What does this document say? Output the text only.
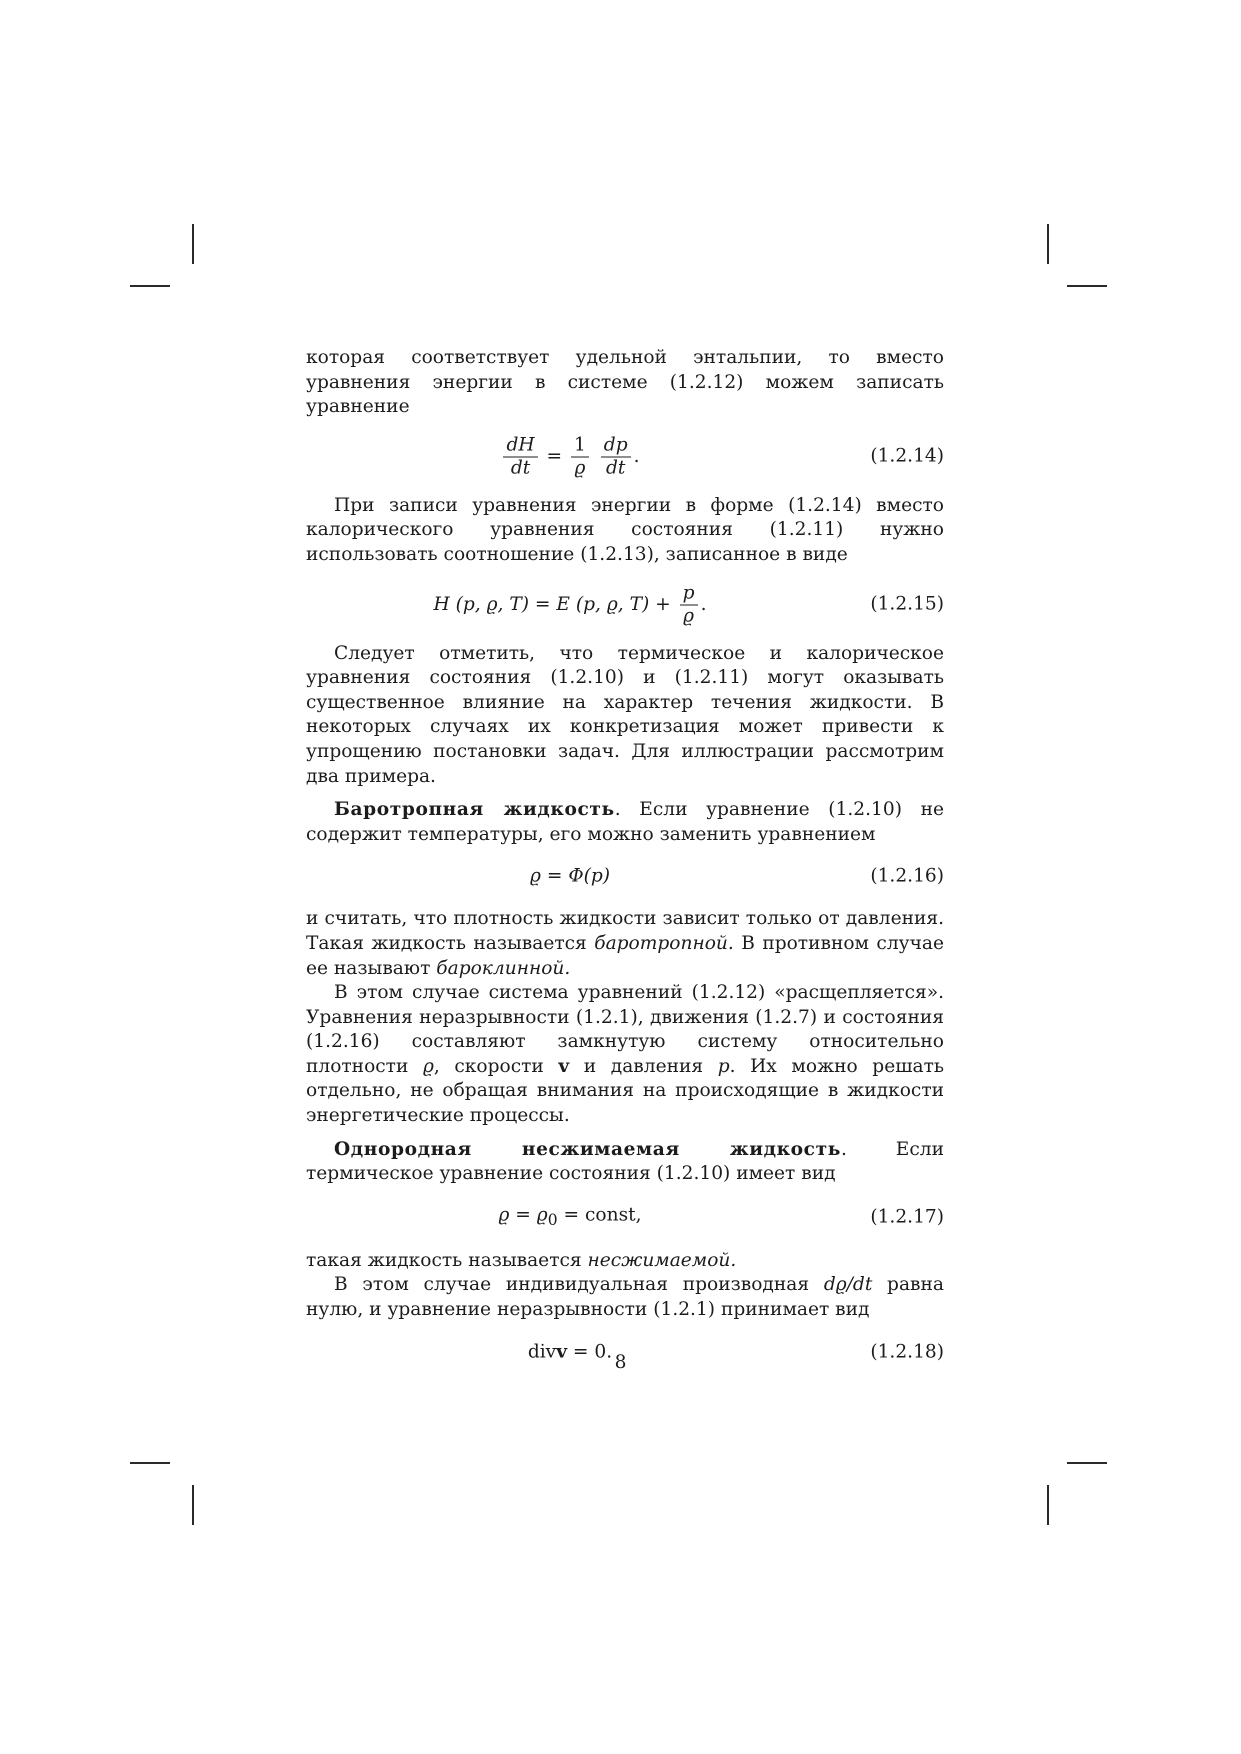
которая соответствует удельной энтальпии, то вместо уравнения энергии в системе (1.2.12) можем записать уравнение

$\frac{dH}{dt} = \frac{1}{ϱ}$
$\frac{dp}{dt}$ .	(1.2.14)

При записи уравнения энергии в форме (1.2.14) вместо калорического уравнения состояния (1.2.11) нужно использовать соотношение (1.2.13), записанное в виде

H (p, ϱ, T) = E (p, ϱ, $T) + \frac{p}{ϱ}$ .	(1.2.15)

Следует отметить, что термическое и калорическое уравнения состояния (1.2.10) и (1.2.11) могут оказывать существенное влияние на характер течения жидкости. В некоторых случаях их конкретизация может привести к упрощению постановки задач. Для иллюстрации рассмотрим два примера.

Баротропная жидкость. Если уравнение (1.2.10) не содержит температуры, его можно заменить уравнением

ϱ = Φ(p)	(1.2.16)

и считать, что плотность жидкости зависит только от давления. Такая жидкость называется баротропной. В противном случае ее называют бароклинной.

В этом случае система уравнений (1.2.12) «расщепляется». Уравнения неразрывности (1.2.1), движения (1.2.7) и состояния (1.2.16) составляют замкнутую систему относительно плотности ϱ, скорости v и давления p. Их можно решать отдельно, не обращая внимания на происходящие в жидкости энергетические процессы.

Однородная несжимаемая жидкость. Если термическое уравнение состояния (1.2.10) имеет вид

$ϱ = ϱ_0$ = const,	(1.2.17)

такая жидкость называется несжимаемой.

В этом случае индивидуальная производная dϱ/dt равна нулю, и уравнение неразрывности (1.2.1) принимает вид

divv = 0.	(1.2.18)
8
